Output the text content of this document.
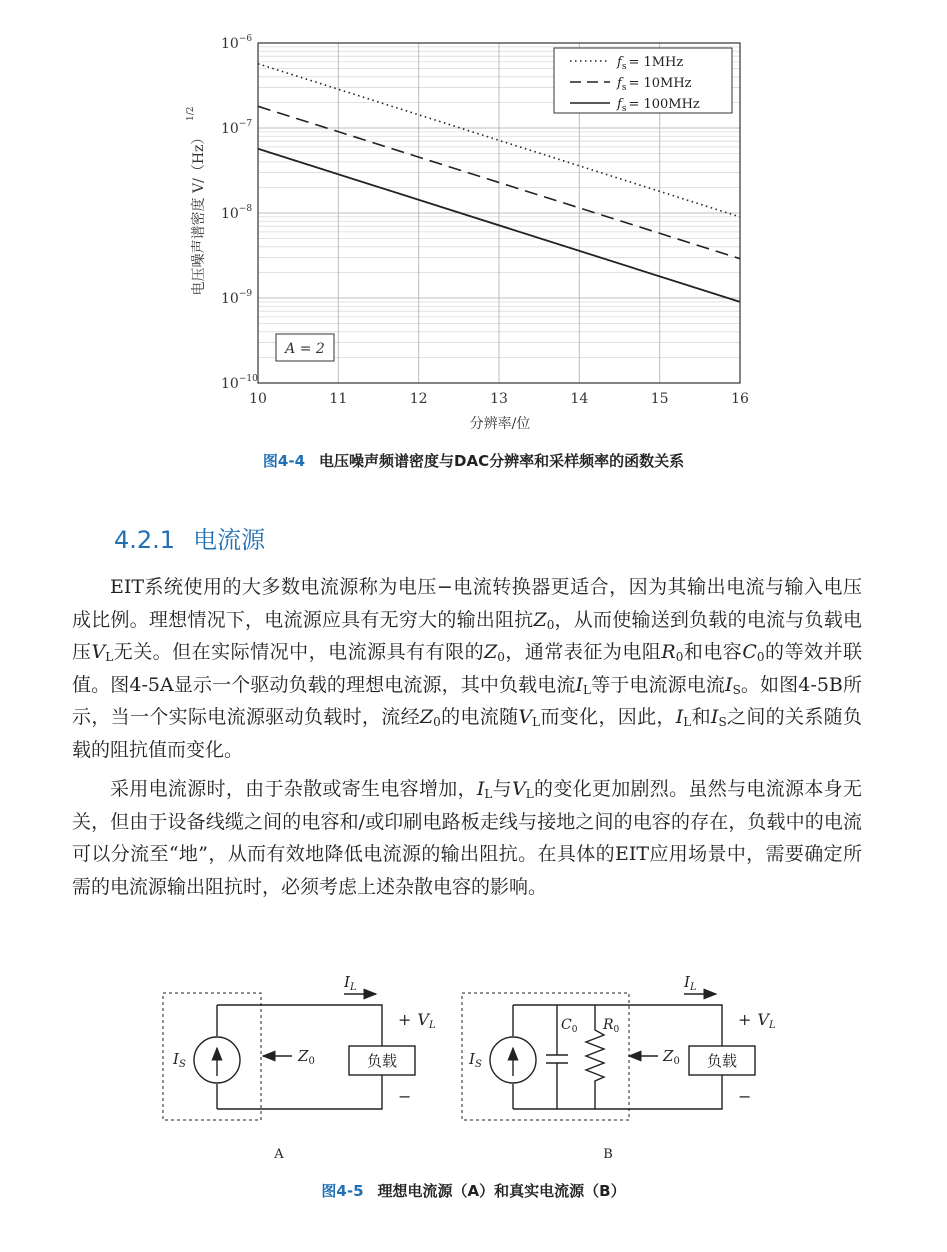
10	11	12	13	14	15	16
$10^{-6}$
$10^{-7}$
$10^{-8}$
$10^{-9}$
$10^{-10}$
分辨率/位
电压噪声谱密度 V/（Hz）
1/2
$f_s = 1MHz$
$f_s = 10MHz$
$f_s = 100MHz$
A = 2
图4-4 电压噪声频谱密度与DAC分辨率和采样频率的函数关系
4.2.1 电流源

EIT系统使用的大多数电流源称为电压−电流转换器更适合，因为其输出电流与输入电压成比例。理想情况下，电流源应具有无穷大的输出阻抗$Z_0$，从而使输送到负载的电流与负载电压$V_L$无关。但在实际情况中，电流源具有有限的$Z_0$，通常表征为电阻$R_0$和电容$C_0$的等效并联值。图4-5A显示一个驱动负载的理想电流源，其中负载电流$I_L$等于电流源电流$I_S$。如图4-5B所示，当一个实际电流源驱动负载时，流经$Z_0$的电流随$V_L$而变化，因此，$I_L$和$I_S$之间的关系随负载的阻抗值而变化。

采用电流源时，由于杂散或寄生电容增加，$I_L$与$V_L$的变化更加剧烈。虽然与电流源本身无关，但由于设备线缆之间的电容和/或印刷电路板走线与接地之间的电容的存在，负载中的电流可以分流至“地”，从而有效地降低电流源的输出阻抗。在具体的EIT应用场景中，需要确定所需的电流源输出阻抗时，必须考虑上述杂散电容的影响。

负载
$I_L$
+ VL
−
$I_S$	$Z_0$
A
负载
$I_L$
+ VL
−
$I_S$
$C_0$ $R_0$
$Z_0$
B
图4-5 理想电流源（A）和真实电流源（B）
